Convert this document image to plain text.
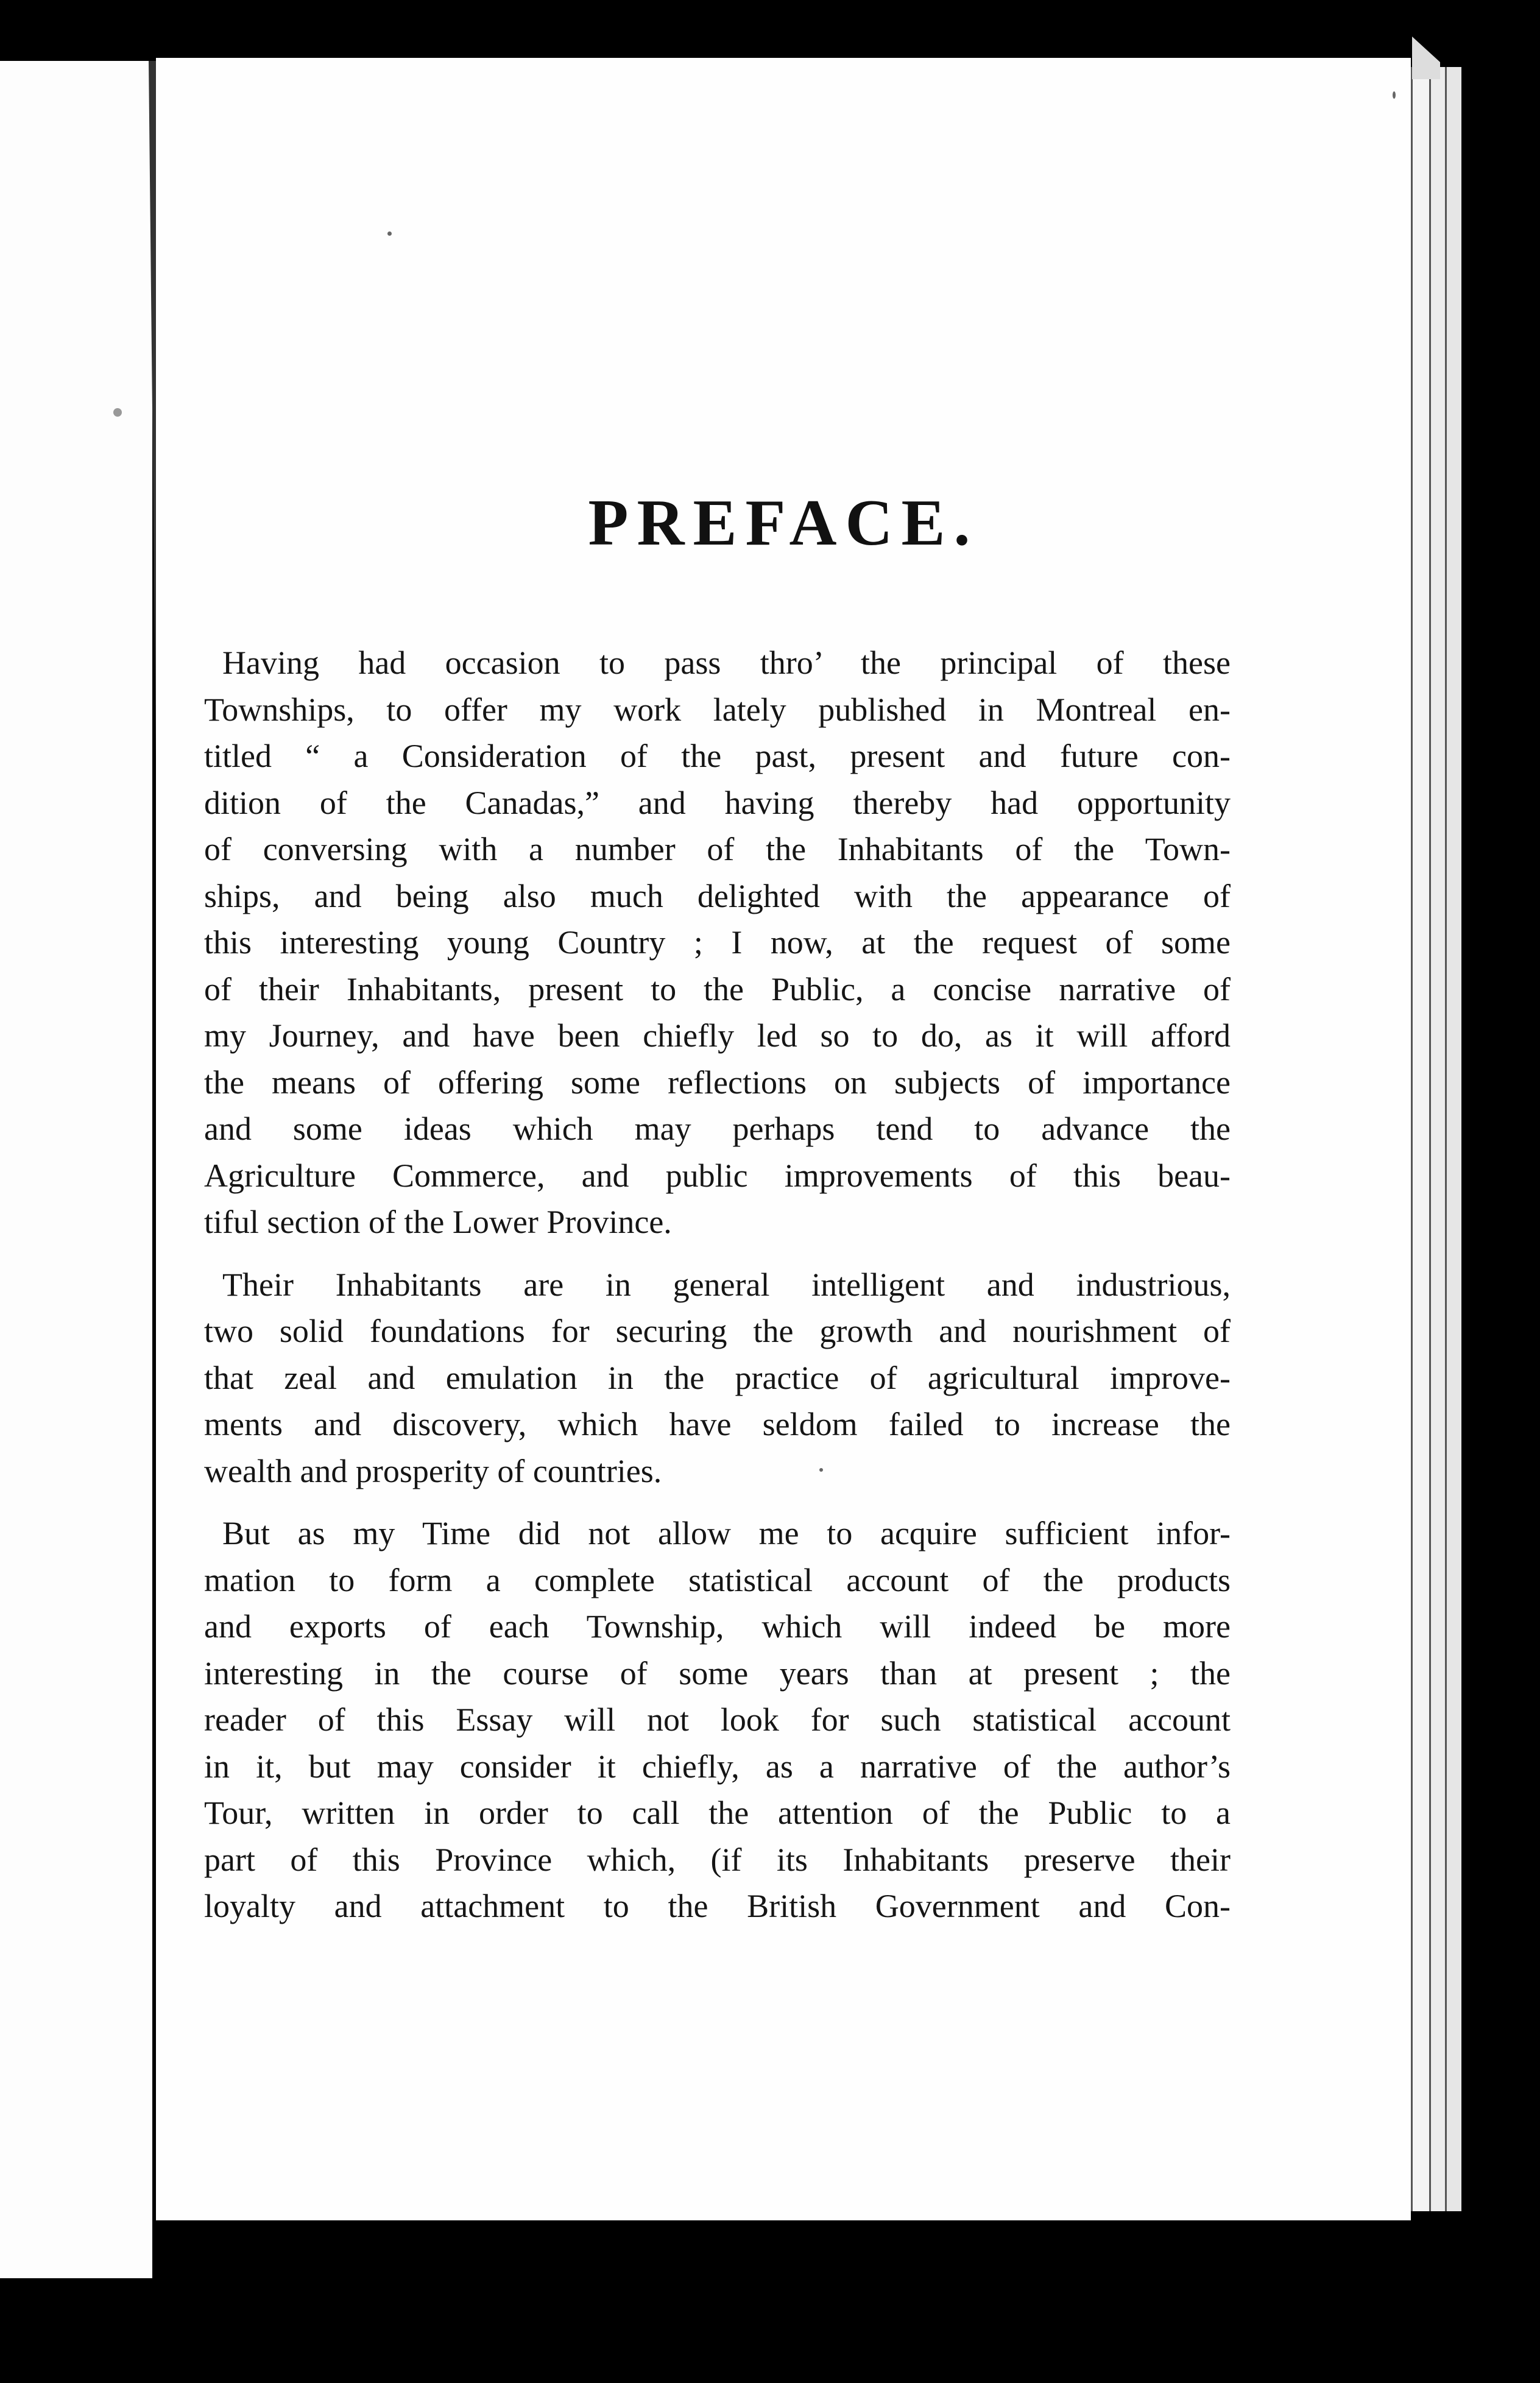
PREFACE.

Having had occasion to pass thro’ the principal of these
Townships, to offer my work lately published in Montreal en-
titled “ a Consideration of the past, present and future con-
dition of the Canadas,” and having thereby had opportunity
of conversing with a number of the Inhabitants of the Town-
ships, and being also much delighted with the appearance of
this interesting young Country ; I now, at the request of some
of their Inhabitants, present to the Public, a concise narrative of
my Journey, and have been chiefly led so to do, as it will afford
the means of offering some reflections on subjects of importance
and some ideas which may perhaps tend to advance the
Agriculture Commerce, and public improvements of this beau-
tiful section of the Lower Province.

Their Inhabitants are in general intelligent and industrious,
two solid foundations for securing the growth and nourishment of
that zeal and emulation in the practice of agricultural improve-
ments and discovery, which have seldom failed to increase the
wealth and prosperity of countries.

But as my Time did not allow me to acquire sufficient infor-
mation to form a complete statistical account of the products
and exports of each Township, which will indeed be more
interesting in the course of some years than at present ; the
reader of this Essay will not look for such statistical account
in it, but may consider it chiefly, as a narrative of the author’s
Tour, written in order to call the attention of the Public to a
part of this Province which, (if its Inhabitants preserve their
loyalty and attachment to the British Government and Con-
